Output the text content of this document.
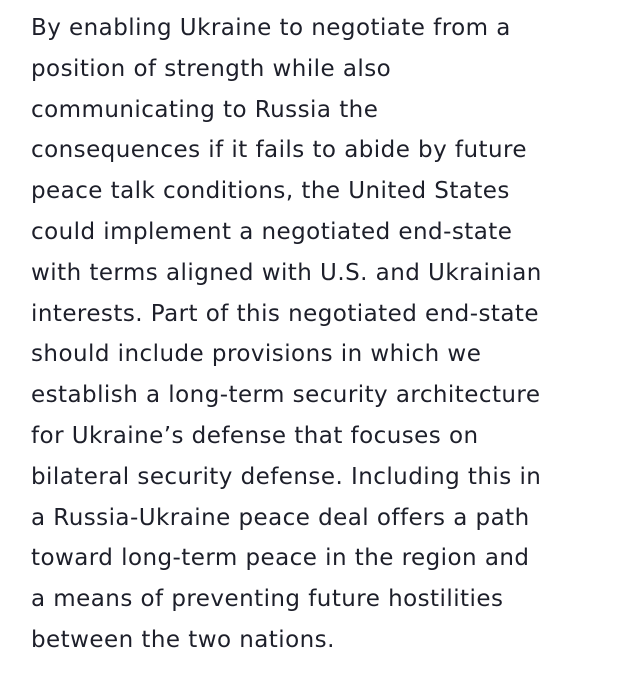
By enabling Ukraine to negotiate from a
position of strength while also
communicating to Russia the
consequences if it fails to abide by future
peace talk conditions, the United States
could implement a negotiated end-state
with terms aligned with U.S. and Ukrainian
interests. Part of this negotiated end-state
should include provisions in which we
establish a long-term security architecture
for Ukraine’s defense that focuses on
bilateral security defense. Including this in
a Russia-Ukraine peace deal offers a path
toward long-term peace in the region and
a means of preventing future hostilities
between the two nations.
